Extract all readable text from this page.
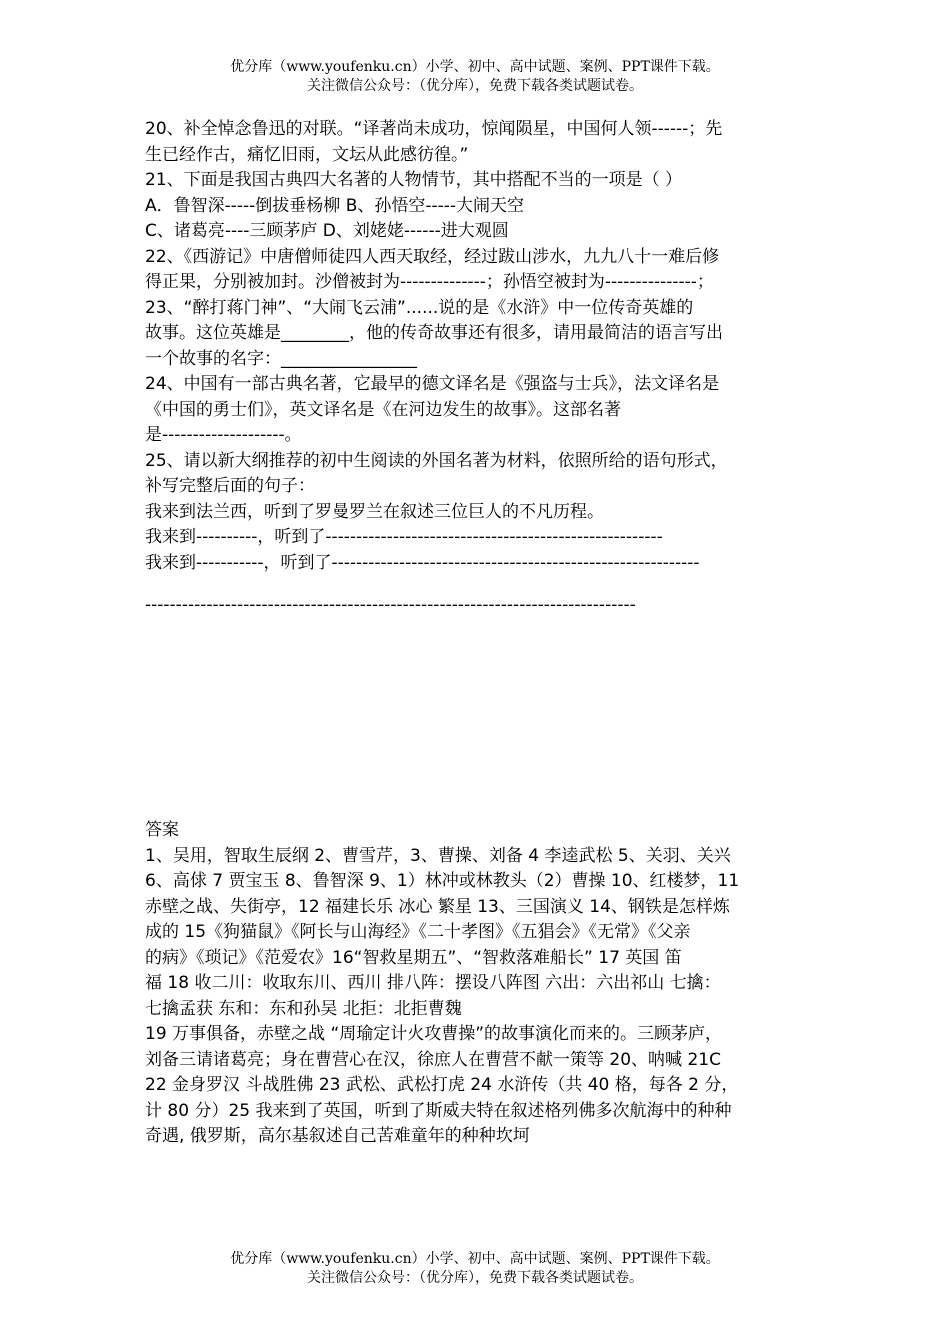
优分库（www.youfenku.cn）小学、初中、高中试题、案例、PPT课件下载。
关注微信公众号：（优分库），免费下载各类试题试卷。
20、补全悼念鲁迅的对联。“译著尚未成功，惊闻陨星，中国何人领------；先
生已经作古，痛忆旧雨，文坛从此感彷徨。”
21、下面是我国古典四大名著的人物情节，其中搭配不当的一项是（ ）
A．鲁智深-----倒拔垂杨柳 B、孙悟空-----大闹天空
C、诸葛亮----三顾茅庐 D、刘姥姥------进大观圆
22、《西游记》中唐僧师徒四人西天取经，经过跋山涉水，九九八十一难后修
得正果，分别被加封。沙僧被封为--------------；孙悟空被封为---------------；
23、“醉打蒋门神”、“大闹飞云浦”......说的是《水浒》中一位传奇英雄的
故事。这位英雄是________，他的传奇故事还有很多，请用最简洁的语言写出
一个故事的名字：________________
24、中国有一部古典名著，它最早的德文译名是《强盗与士兵》，法文译名是
《中国的勇士们》，英文译名是《在河边发生的故事》。这部名著
是--------------------。
25、请以新大纲推荐的初中生阅读的外国名著为材料，依照所给的语句形式，
补写完整后面的句子：
我来到法兰西，听到了罗曼罗兰在叙述三位巨人的不凡历程。
我来到----------，听到了-------------------------------------------------------
我来到-----------，听到了------------------------------------------------------------
--------------------------------------------------------------------------------
答案
1、吴用，智取生辰纲 2、曹雪芹，3、曹操、刘备 4 李逵武松 5、关羽、关兴
6、高俅 7 贾宝玉 8、鲁智深 9、1）林冲或林教头（2）曹操 10、红楼梦，11
赤壁之战、失街亭，12 福建长乐 冰心 繁星 13、三国演义 14、钢铁是怎样炼
成的 15《狗猫鼠》《阿长与山海经》《二十孝图》《五猖会》《无常》《父亲
的病》《琐记》《范爱农》16“智救星期五”、“智救落难船长” 17 英国 笛
福 18 收二川：收取东川、西川 排八阵：摆设八阵图 六出：六出祁山 七擒：
七擒孟获 东和：东和孙吴 北拒：北拒曹魏
19 万事俱备，赤壁之战 “周瑜定计火攻曹操”的故事演化而来的。三顾茅庐，
刘备三请诸葛亮；身在曹营心在汉，徐庶人在曹营不献一策等 20、呐喊 21C
22 金身罗汉 斗战胜佛 23 武松、武松打虎 24 水浒传（共 40 格，每各 2 分，
计 80 分）25 我来到了英国，听到了斯威夫特在叙述格列佛多次航海中的种种
奇遇, 俄罗斯，高尔基叙述自己苦难童年的种种坎坷
优分库（www.youfenku.cn）小学、初中、高中试题、案例、PPT课件下载。
关注微信公众号：（优分库），免费下载各类试题试卷。
